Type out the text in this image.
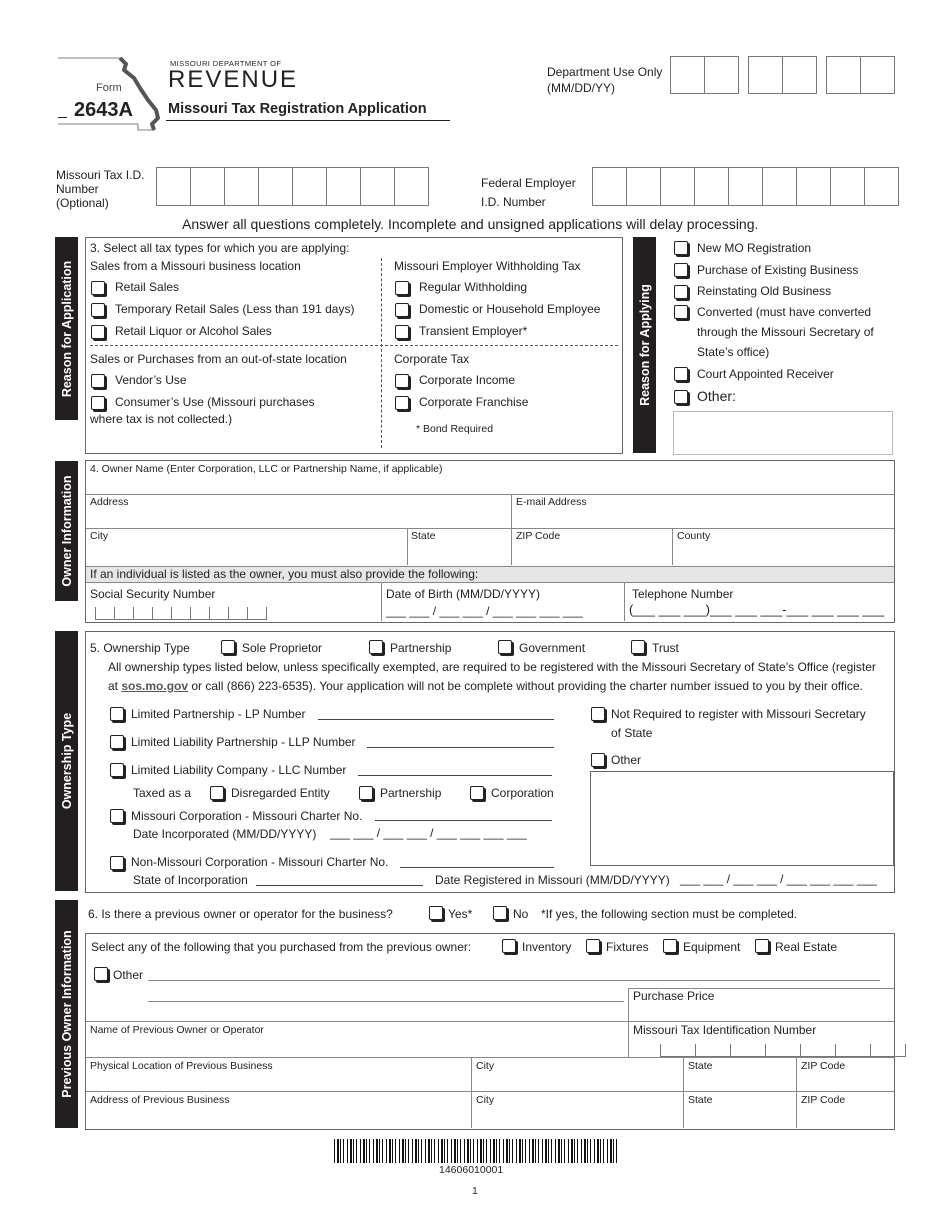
Form
2643A
MISSOURI DEPARTMENT OF
REVENUE
Missouri Tax Registration Application
Department Use Only
(MM/DD/YY)
Missouri Tax I.D.
Number
(Optional)
Federal Employer
I.D. Number
Answer all questions completely. Incomplete and unsigned applications will delay processing.
Reason for Application
3. Select all tax types for which you are applying:
Sales from a Missouri business location
Retail Sales
Temporary Retail Sales (Less than 191 days)
Retail Liquor or Alcohol Sales
Sales or Purchases from an out-of-state location
Vendor’s Use
Consumer’s Use (Missouri purchases
where tax is not collected.)
Missouri Employer Withholding Tax
Regular Withholding
Domestic or Household Employee
Transient Employer*
Corporate Tax
Corporate Income
Corporate Franchise
* Bond Required
Reason for Applying
New MO Registration
Purchase of Existing Business
Reinstating Old Business
Converted (must have converted
through the Missouri Secretary of
State’s office)
Court Appointed Receiver
Other:
Owner Information
4. Owner Name (Enter Corporation, LLC or Partnership Name, if applicable)
Address	E-mail Address
City	State	ZIP Code	County
If an individual is listed as the owner, you must also provide the following:
Social Security Number	Date of Birth (MM/DD/YYYY)
___ ___ / ___ ___ / ___ ___ ___ ___
Telephone Number
(___ ___ ___)___ ___ ___-___ ___ ___ ___
Ownership Type
5. Ownership Type	Sole Proprietor	Partnership	Government	Trust
All ownership types listed below, unless specifically exempted, are required to be registered with the Missouri Secretary of State’s Office (register
at sos.mo.gov or call (866) 223-6535). Your application will not be complete without providing the charter number issued to you by their office.
Limited Partnership - LP Number
Limited Liability Partnership - LLP Number
Limited Liability Company - LLC Number
Taxed as a	Disregarded Entity	Partnership	Corporation
Missouri Corporation - Missouri Charter No.
Date Incorporated (MM/DD/YYYY) ___ ___ / ___ ___ / ___ ___ ___ ___
Non-Missouri Corporation - Missouri Charter No.
State of Incorporation	Date Registered in Missouri (MM/DD/YYYY) ___ ___ / ___ ___ / ___ ___ ___ ___
Not Required to register with Missouri Secretary
of State
Other
Previous Owner Information
6. Is there a previous owner or operator for the business?	Yes*	No *If yes, the following section must be completed.
Select any of the following that you purchased from the previous owner:	Inventory	Fixtures	Equipment	Real Estate
Other
Purchase Price
Name of Previous Owner or Operator	Missouri Tax Identification Number
Physical Location of Previous Business	City	State	ZIP Code
Address of Previous Business	City	State	ZIP Code
14606010001
1
